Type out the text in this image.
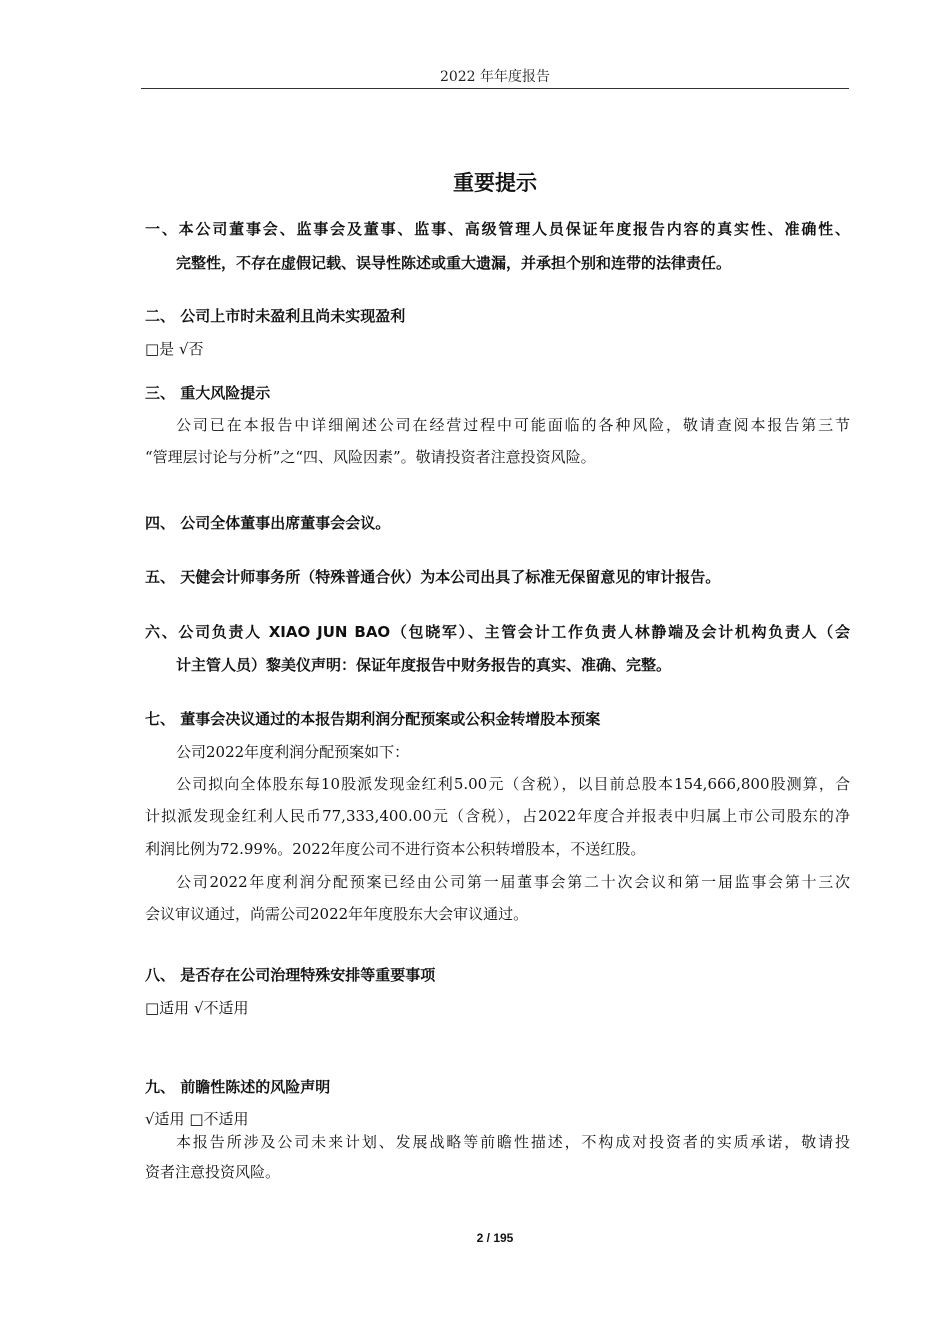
2022 年年度报告
重要提示
一、本公司董事会、监事会及董事、监事、高级管理人员保证年度报告内容的真实性、准确性、
完整性，不存在虚假记载、误导性陈述或重大遗漏，并承担个别和连带的法律责任。
二、 公司上市时未盈利且尚未实现盈利
□是 √否
三、 重大风险提示
公司已在本报告中详细阐述公司在经营过程中可能面临的各种风险，敬请查阅本报告第三节
“管理层讨论与分析”之“四、风险因素”。敬请投资者注意投资风险。
四、 公司全体董事出席董事会会议。
五、 天健会计师事务所（特殊普通合伙）为本公司出具了标准无保留意见的审计报告。
六、公司负责人 XIAO JUN BAO（包晓军）、主管会计工作负责人林静端及会计机构负责人（会
计主管人员）黎美仪声明：保证年度报告中财务报告的真实、准确、完整。
七、 董事会决议通过的本报告期利润分配预案或公积金转增股本预案
公司2022年度利润分配预案如下：
公司拟向全体股东每10股派发现金红利5.00元（含税），以目前总股本154,666,800股测算，合
计拟派发现金红利人民币77,333,400.00元（含税），占2022年度合并报表中归属上市公司股东的净
利润比例为72.99%。2022年度公司不进行资本公积转增股本，不送红股。
公司2022年度利润分配预案已经由公司第一届董事会第二十次会议和第一届监事会第十三次
会议审议通过，尚需公司2022年年度股东大会审议通过。
八、 是否存在公司治理特殊安排等重要事项
□适用 √不适用
九、 前瞻性陈述的风险声明
√适用 □不适用
本报告所涉及公司未来计划、发展战略等前瞻性描述，不构成对投资者的实质承诺，敬请投
资者注意投资风险。
2 / 195
